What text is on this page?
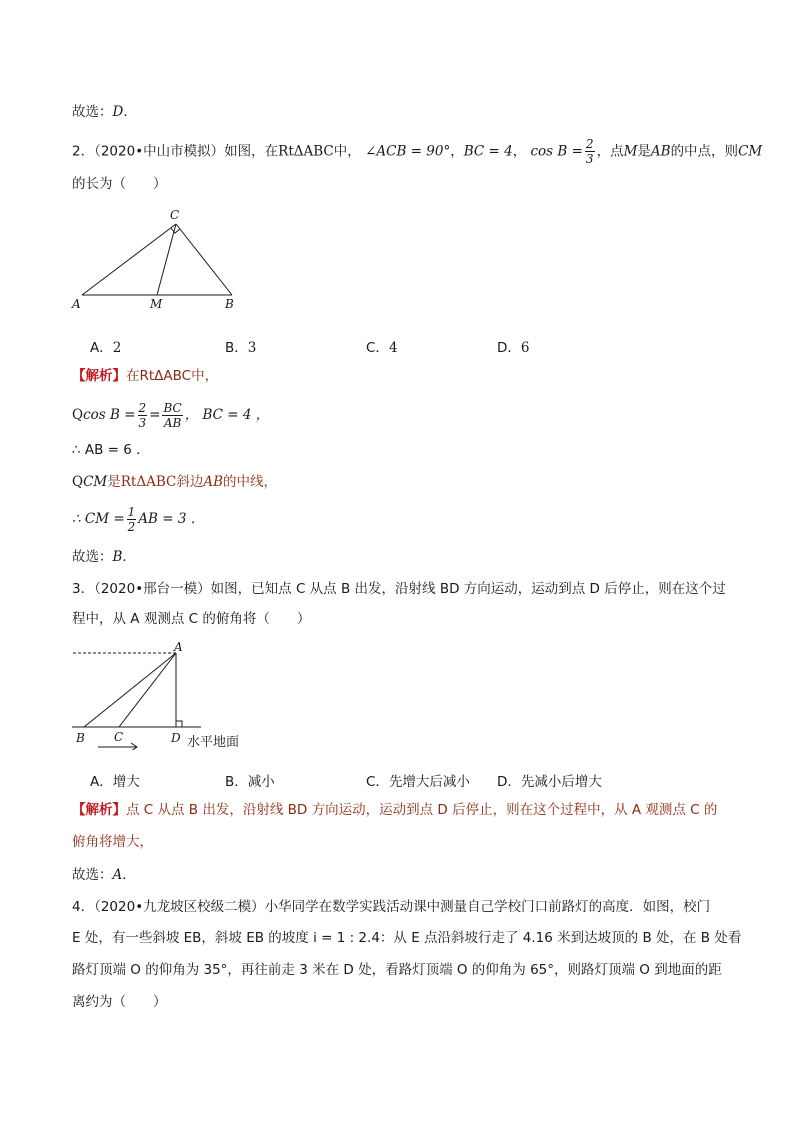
故选：D．
2．（2020•中山市模拟）如图，在RtΔABC中， ∠ACB = 90°，BC = 4， $\cos B = \frac{2}{3}$ ，点M是AB的中点，则CM
的长为（　　）
A	M	B
C
A．2	B．3	C．4	D．6
【解析】在RtΔABC中，
Qcos $B = \frac{2}{3} = \frac{BC}{AB}$ ， BC = 4 ，
∴ AB = 6 ．
QCM是RtΔABC斜边AB的中线，
∴ CM = $\frac{1}{2}$ AB = 3 ．
故选：B．
3．（2020•邢台一模）如图，已知点 C 从点 B 出发，沿射线 BD 方向运动，运动到点 D 后停止，则在这个过
程中，从 A 观测点 C 的俯角将（　　）
A
B C	D 水平地面
A．增大	B．减小	C．先增大后减小 D．先减小后增大
【解析】点 C 从点 B 出发，沿射线 BD 方向运动，运动到点 D 后停止，则在这个过程中，从 A 观测点 C 的
俯角将增大，
故选：A．
4．（2020•九龙坡区校级二模）小华同学在数学实践活动课中测量自己学校门口前路灯的高度．如图，校门
E 处，有一些斜坡 EB，斜坡 EB 的坡度 i = 1 : 2.4：从 E 点沿斜坡行走了 4.16 米到达坡顶的 B 处，在 B 处看
路灯顶端 O 的仰角为 35°，再往前走 3 米在 D 处，看路灯顶端 O 的仰角为 65°，则路灯顶端 O 到地面的距
离约为（　　）
